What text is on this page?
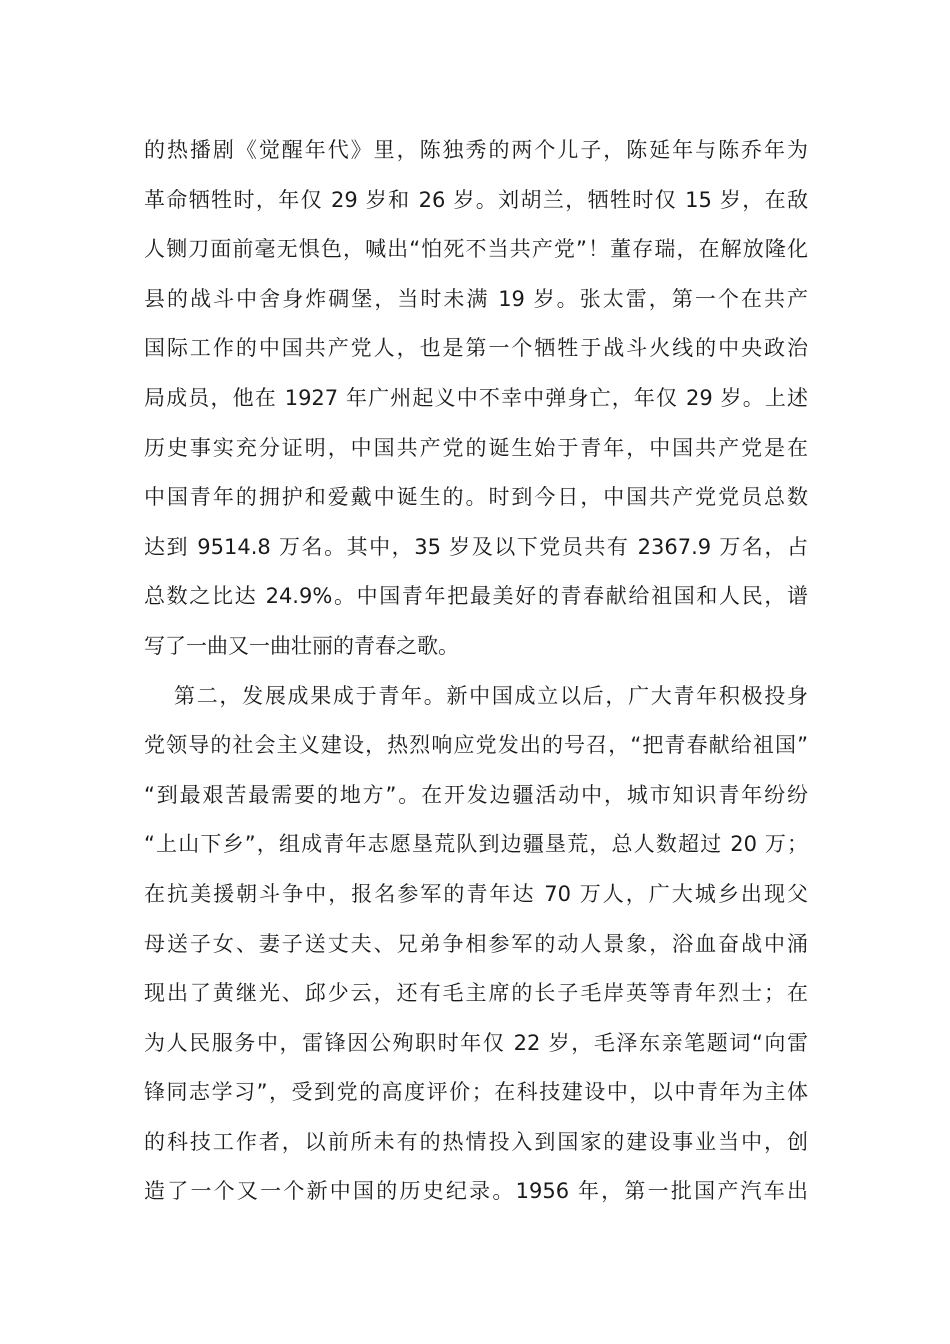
的热播剧《觉醒年代》里，陈独秀的两个儿子，陈延年与陈乔年为
革命牺牲时，年仅 29 岁和 26 岁。刘胡兰，牺牲时仅 15 岁，在敌
人铡刀面前毫无惧色，喊出“怕死不当共产党”！董存瑞，在解放隆化
县的战斗中舍身炸碉堡，当时未满 19 岁。张太雷，第一个在共产
国际工作的中国共产党人，也是第一个牺牲于战斗火线的中央政治
局成员，他在 1927 年广州起义中不幸中弹身亡，年仅 29 岁。上述
历史事实充分证明，中国共产党的诞生始于青年，中国共产党是在
中国青年的拥护和爱戴中诞生的。时到今日，中国共产党党员总数
达到 9514.8 万名。其中，35 岁及以下党员共有 2367.9 万名，占
总数之比达 24.9%。中国青年把最美好的青春献给祖国和人民，谱
写了一曲又一曲壮丽的青春之歌。
第二，发展成果成于青年。新中国成立以后，广大青年积极投身
党领导的社会主义建设，热烈响应党发出的号召，“把青春献给祖国”
“到最艰苦最需要的地方”。在开发边疆活动中，城市知识青年纷纷
“上山下乡”，组成青年志愿垦荒队到边疆垦荒，总人数超过 20 万；
在抗美援朝斗争中，报名参军的青年达 70 万人，广大城乡出现父
母送子女、妻子送丈夫、兄弟争相参军的动人景象，浴血奋战中涌
现出了黄继光、邱少云，还有毛主席的长子毛岸英等青年烈士；在
为人民服务中，雷锋因公殉职时年仅 22 岁，毛泽东亲笔题词“向雷
锋同志学习”，受到党的高度评价；在科技建设中，以中青年为主体
的科技工作者，以前所未有的热情投入到国家的建设事业当中，创
造了一个又一个新中国的历史纪录。1956 年，第一批国产汽车出
